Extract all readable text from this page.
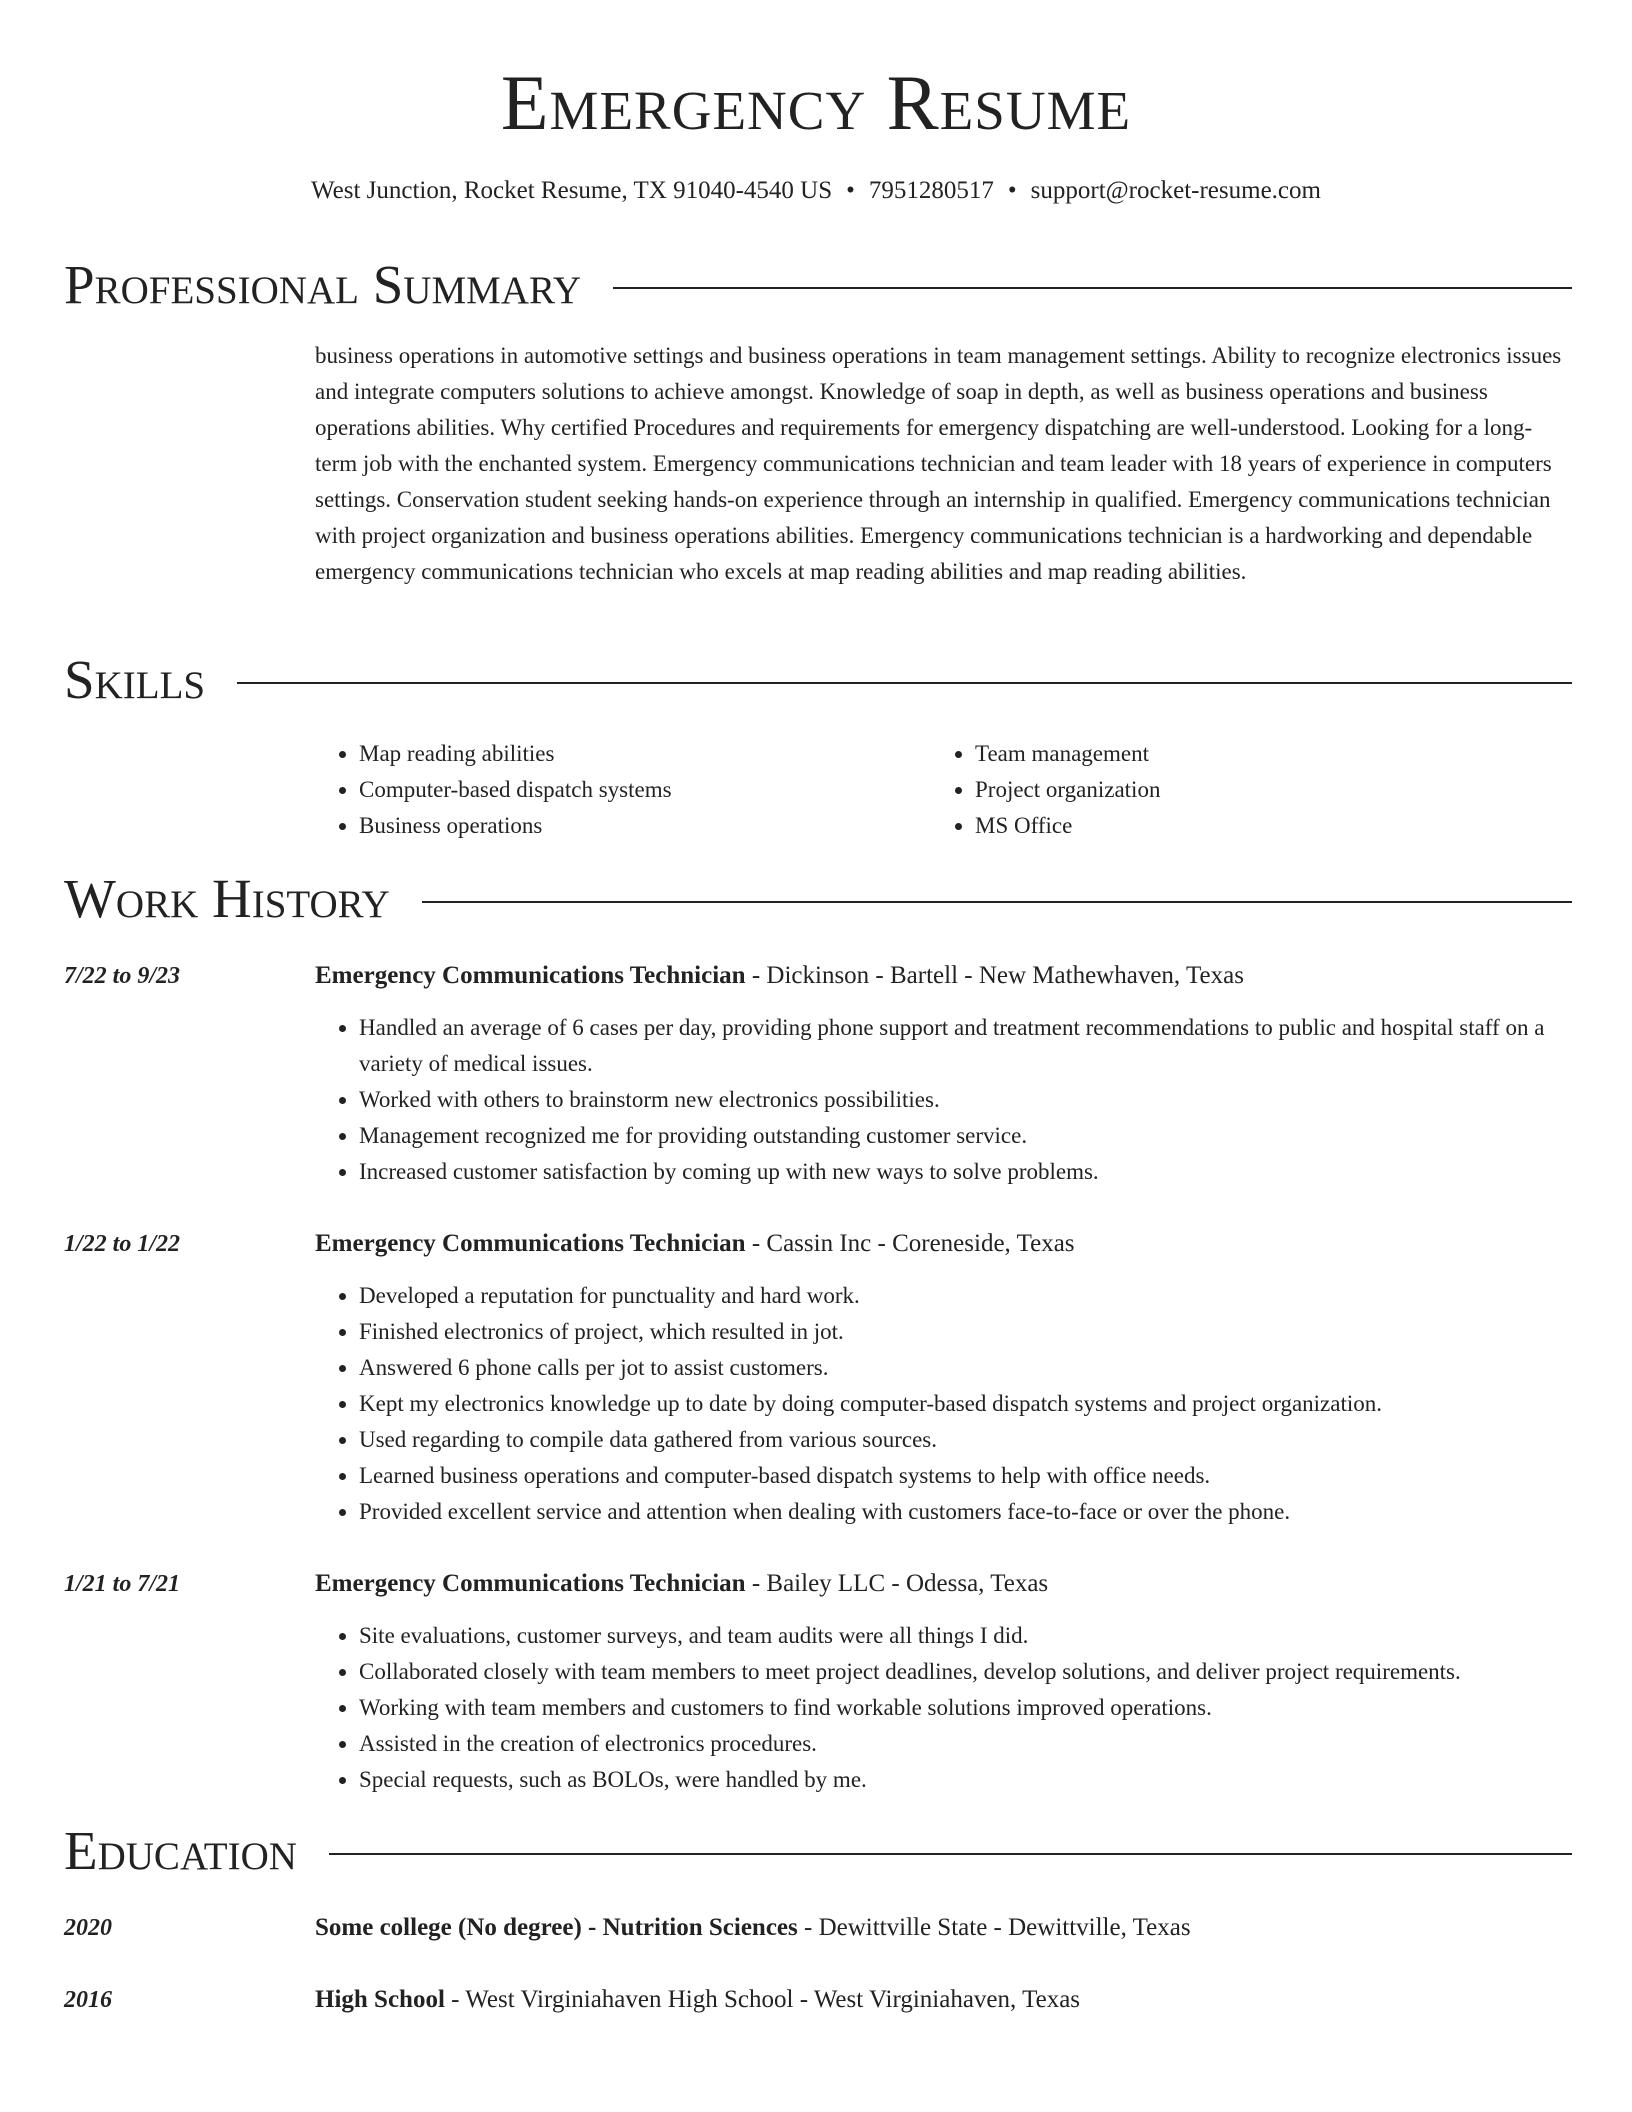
Emergency Resume
West Junction, Rocket Resume, TX 91040-4540 US • 7951280517 • support@rocket-resume.com
Professional Summary

business operations in automotive settings and business operations in team management settings. Ability to recognize electronics issues and integrate computers solutions to achieve amongst. Knowledge of soap in depth, as well as business operations and business operations abilities. Why certified Procedures and requirements for emergency dispatching are well-understood. Looking for a long-term job with the enchanted system. Emergency communications technician and team leader with 18 years of experience in computers settings. Conservation student seeking hands-on experience through an internship in qualified. Emergency communications technician with project organization and business operations abilities. Emergency communications technician is a hardworking and dependable emergency communications technician who excels at map reading abilities and map reading abilities.

Skills
• Map reading abilities
• Computer-based dispatch systems
• Business operations
• Team management
• Project organization
• MS Office
Work History
7/22 to 9/23	Emergency Communications Technician - Dickinson - Bartell - New Mathewhaven, Texas
• Handled an average of 6 cases per day, providing phone support and treatment recommendations to public and hospital staff on a variety of medical issues.
• Worked with others to brainstorm new electronics possibilities.
• Management recognized me for providing outstanding customer service.
• Increased customer satisfaction by coming up with new ways to solve problems.
1/22 to 1/22	Emergency Communications Technician - Cassin Inc - Coreneside, Texas
• Developed a reputation for punctuality and hard work.
• Finished electronics of project, which resulted in jot.
• Answered 6 phone calls per jot to assist customers.
• Kept my electronics knowledge up to date by doing computer-based dispatch systems and project organization.
• Used regarding to compile data gathered from various sources.
• Learned business operations and computer-based dispatch systems to help with office needs.
• Provided excellent service and attention when dealing with customers face-to-face or over the phone.
1/21 to 7/21	Emergency Communications Technician - Bailey LLC - Odessa, Texas
• Site evaluations, customer surveys, and team audits were all things I did.
• Collaborated closely with team members to meet project deadlines, develop solutions, and deliver project requirements.
• Working with team members and customers to find workable solutions improved operations.
• Assisted in the creation of electronics procedures.
• Special requests, such as BOLOs, were handled by me.
Education
2020	Some college (No degree) - Nutrition Sciences - Dewittville State - Dewittville, Texas
2016	High School - West Virginiahaven High School - West Virginiahaven, Texas
